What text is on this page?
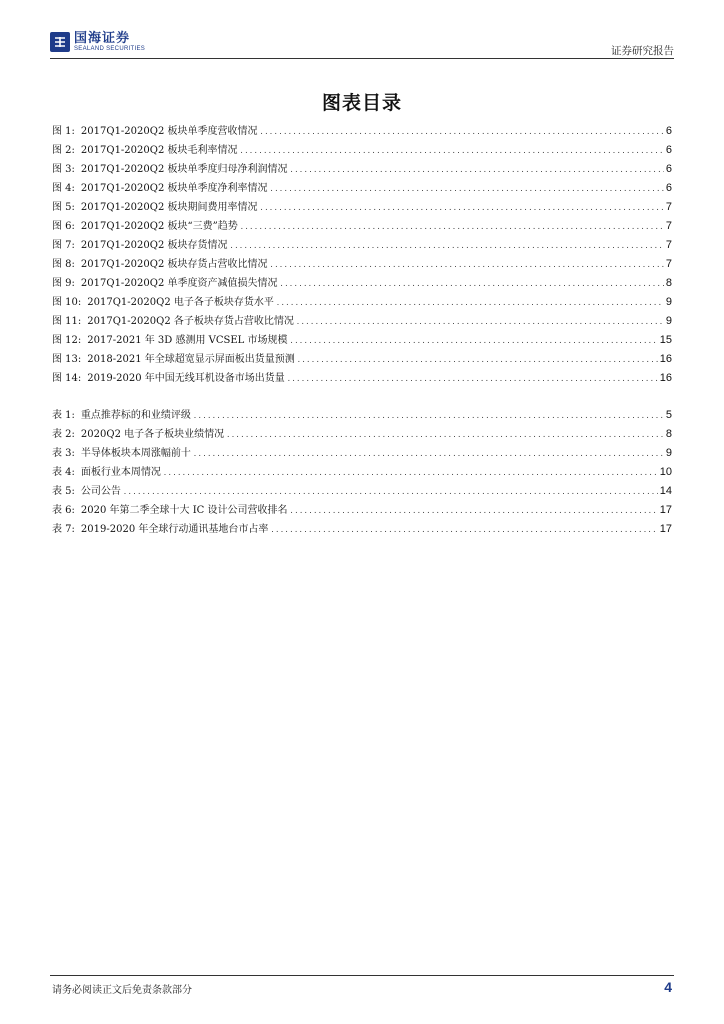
国海证券
SEALAND SECURITIES	证券研究报告
图表目录
图 1: 2017Q1-2020Q2 板块单季度营收情况 .....	6
图 2: 2017Q1-2020Q2 板块毛利率情况 .....	6
图 3: 2017Q1-2020Q2 板块单季度归母净利润情况 .....	6
图 4: 2017Q1-2020Q2 板块单季度净利率情况 .....	6
图 5: 2017Q1-2020Q2 板块期间费用率情况 .....	7
图 6: 2017Q1-2020Q2 板块“三费”趋势 .....	7
图 7: 2017Q1-2020Q2 板块存货情况 .....	7
图 8: 2017Q1-2020Q2 板块存货占营收比情况 .....	7
图 9: 2017Q1-2020Q2 单季度资产减值损失情况 .....	8
图 10: 2017Q1-2020Q2 电子各子板块存货水平 .....	9
图 11: 2017Q1-2020Q2 各子板块存货占营收比情况 .....	9
图 12: 2017-2021 年 3D 感测用 VCSEL 市场规模 .....	15
图 13: 2018-2021 年全球超宽显示屏面板出货量预测 .....	16
图 14: 2019-2020 年中国无线耳机设备市场出货量 .....	16
表 1: 重点推荐标的和业绩评级 .....	5
表 2: 2020Q2 电子各子板块业绩情况 .....	8
表 3: 半导体板块本周涨幅前十 .....	9
表 4: 面板行业本周情况 .....	10
表 5: 公司公告 .....	14
表 6: 2020 年第二季全球十大 IC 设计公司营收排名 .....	17
表 7: 2019-2020 年全球行动通讯基地台市占率 .....	17
请务必阅读正文后免责条款部分	4
